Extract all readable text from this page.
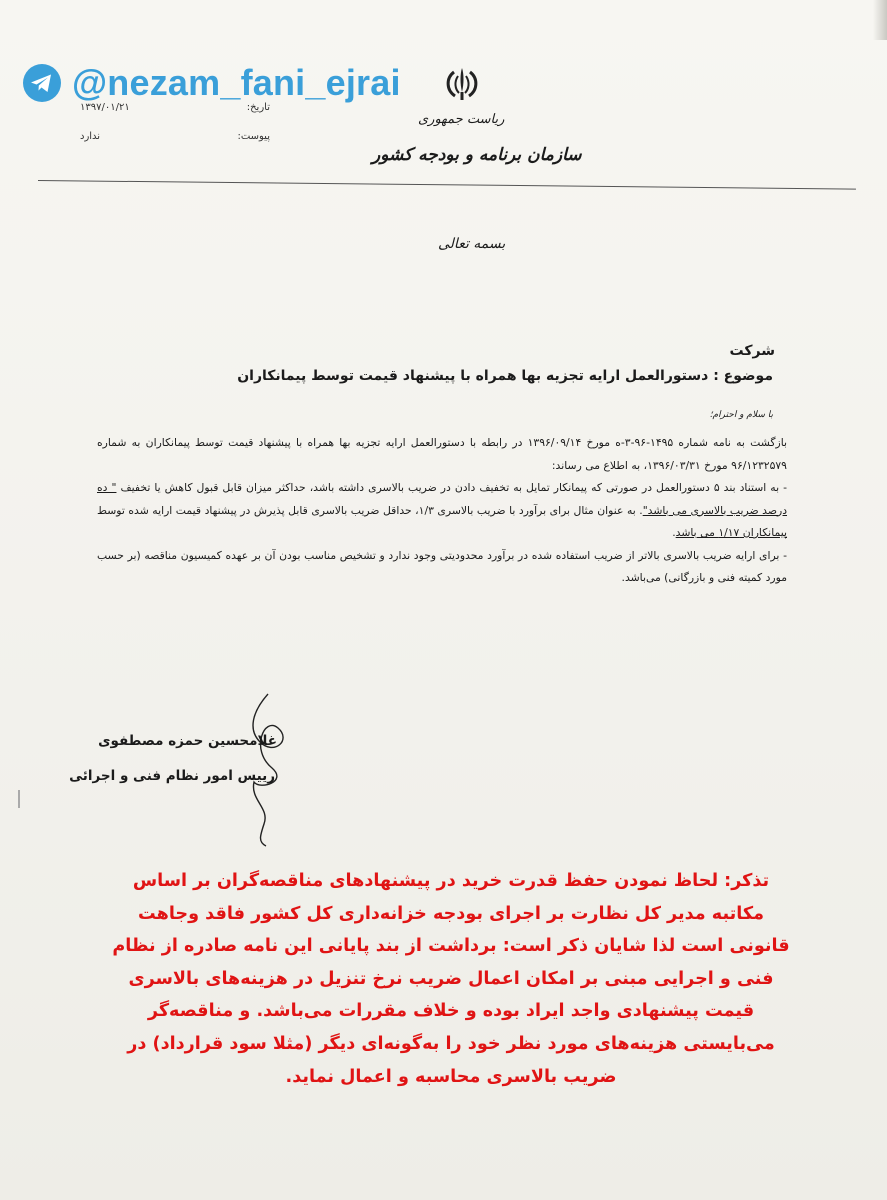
@nezam_fani_ejrai
تاریخ:
۱۳۹۷/۰۱/۲۱
پیوست:
ندارد
ریاست جمهوری
سازمان برنامه و بودجه کشور
بسمه تعالی
شرکت
موضوع : دستورالعمل ارایه تجزیه بها همراه با پیشنهاد قیمت توسط پیمانکاران
با سلام و احترام؛

بازگشت به نامه شماره ۱۴۹۵-۹۶-۳-ه مورخ ۱۳۹۶/۰۹/۱۴ در رابطه با دستورالعمل ارایه تجزیه بها همراه با پیشنهاد قیمت توسط پیمانکاران به شماره ۹۶/۱۲۳۲۵۷۹ مورخ ۱۳۹۶/۰۳/۳۱، به اطلاع می رساند:

- به استناد بند ۵ دستورالعمل در صورتی که پیمانکار تمایل به تخفیف دادن در ضریب بالاسری داشته باشد، حداکثر میزان قابل قبول کاهش یا تخفیف " ده درصد ضریب بالاسری می باشد". به عنوان مثال برای برآورد با ضریب بالاسری ۱/۳، حداقل ضریب بالاسری قابل پذیرش در پیشنهاد قیمت ارایه شده توسط پیمانکاران ۱/۱۷ می باشد.

- برای ارایه ضریب بالاسری بالاتر از ضریب استفاده شده در برآورد محدودیتی وجود ندارد و تشخیص مناسب بودن آن بر عهده کمیسیون مناقصه (بر حسب مورد کمیته فنی و بازرگانی) می‌باشد.

غلامحسین حمزه مصطفوی
رییس امور نظام فنی و اجرائی
تذکر: لحاظ نمودن حفظ قدرت خرید در پیشنهادهای مناقصه‌گران بر اساس مکاتبه مدیر کل نظارت بر اجرای بودجه خزانه‌داری کل کشور فاقد وجاهت قانونی است لذا شایان ذکر است: برداشت از بند پایانی این نامه صادره از نظام فنی و اجرایی مبنی بر امکان اعمال ضریب نرخ تنزیل در هزینه‌های بالاسری قیمت پیشنهادی واجد ایراد بوده و خلاف مقررات می‌باشد. و مناقصه‌گر می‌بایستی هزینه‌های مورد نظر خود را به‌گونه‌ای دیگر (مثلا سود قرارداد) در ضریب بالاسری محاسبه و اعمال نماید.
